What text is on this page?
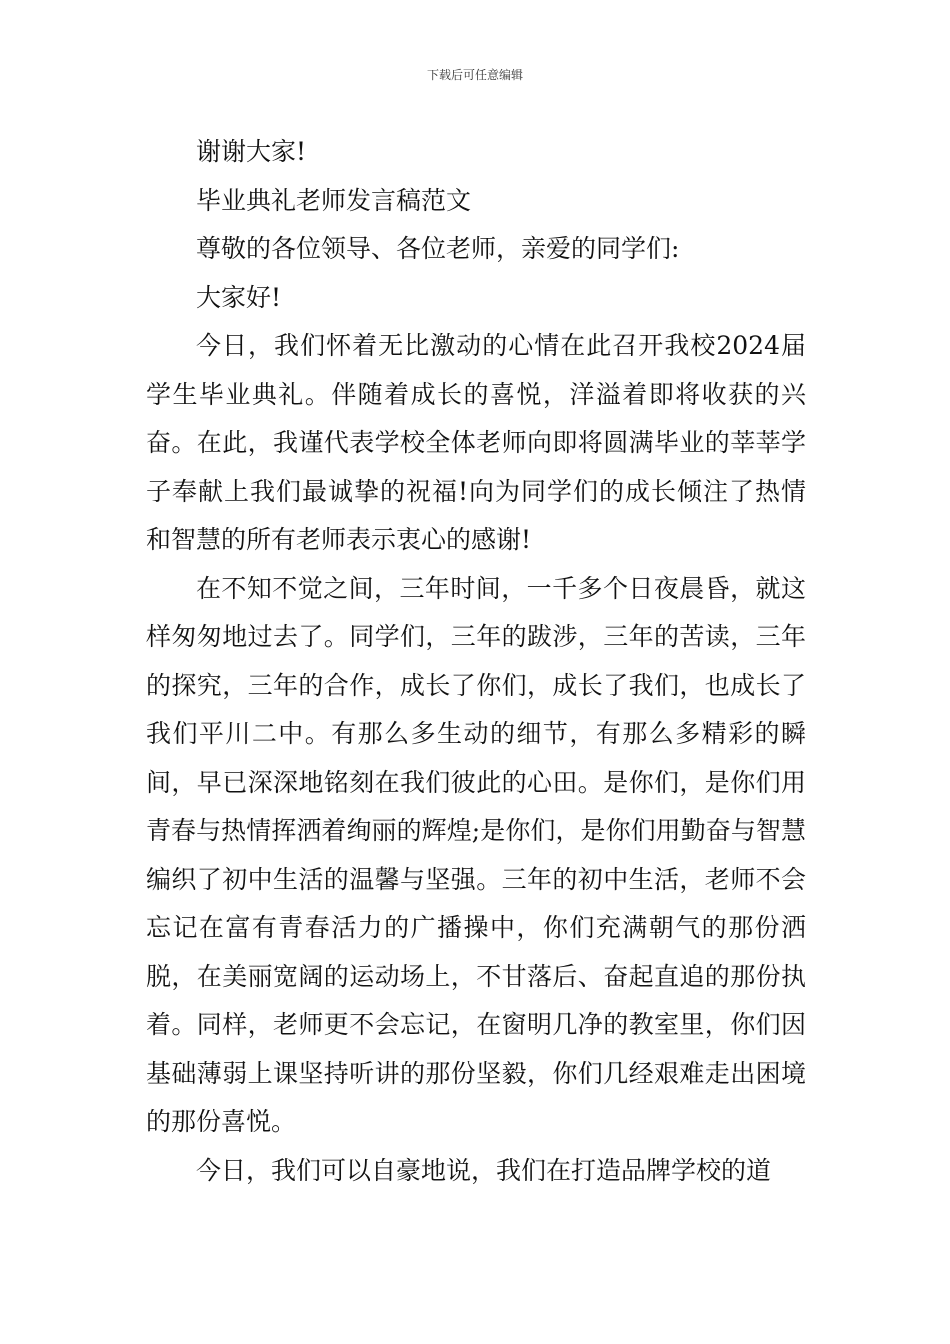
下载后可任意编辑

谢谢大家!

毕业典礼老师发言稿范文

尊敬的各位领导、各位老师，亲爱的同学们:

大家好!

今日，我们怀着无比激动的心情在此召开我校2024届学生毕业典礼。伴随着成长的喜悦，洋溢着即将收获的兴奋。在此，我谨代表学校全体老师向即将圆满毕业的莘莘学子奉献上我们最诚挚的祝福!向为同学们的成长倾注了热情和智慧的所有老师表示衷心的感谢!

在不知不觉之间，三年时间，一千多个日夜晨昏，就这样匆匆地过去了。同学们，三年的跋涉，三年的苦读，三年的探究，三年的合作，成长了你们，成长了我们，也成长了我们平川二中。有那么多生动的细节，有那么多精彩的瞬间，早已深深地铭刻在我们彼此的心田。是你们，是你们用青春与热情挥洒着绚丽的辉煌;是你们，是你们用勤奋与智慧编织了初中生活的温馨与坚强。三年的初中生活，老师不会忘记在富有青春活力的广播操中，你们充满朝气的那份洒脱，在美丽宽阔的运动场上，不甘落后、奋起直追的那份执着。同样，老师更不会忘记，在窗明几净的教室里，你们因基础薄弱上课坚持听讲的那份坚毅，你们几经艰难走出困境的那份喜悦。

今日，我们可以自豪地说，我们在打造品牌学校的道
